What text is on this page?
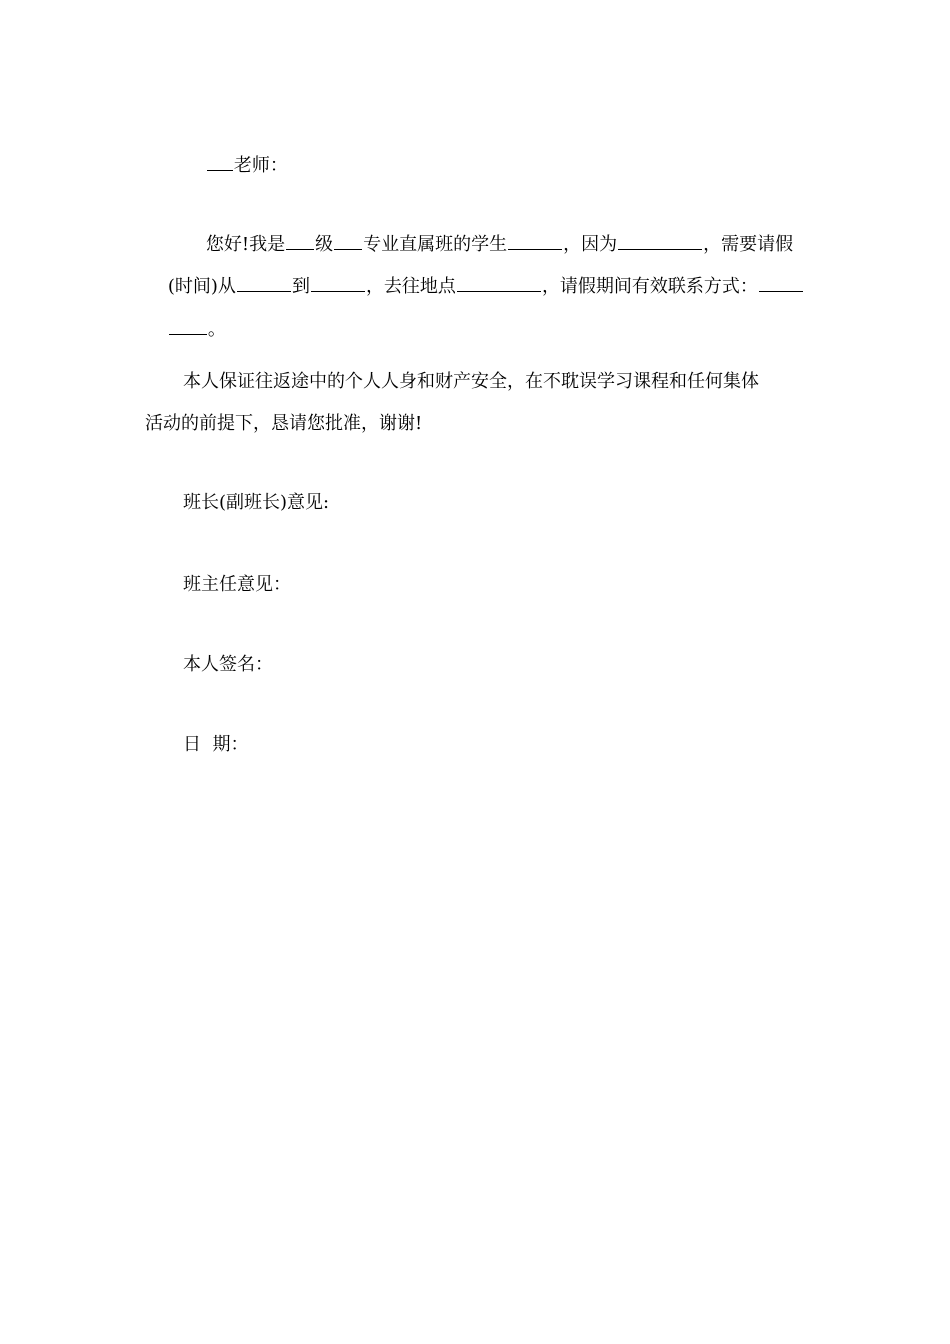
老师：

您好!我是 级 专业直属班的学生	，因为	，需要请假

(时间)从	到	，去往地点	，请假期间有效联系方式：

。

本人保证往返途中的个人人身和财产安全，在不耽误学习课程和任何集体
活动的前提下，恳请您批准，谢谢!
班长(副班长)意见:
班主任意见：
本人签名：
日  期：
